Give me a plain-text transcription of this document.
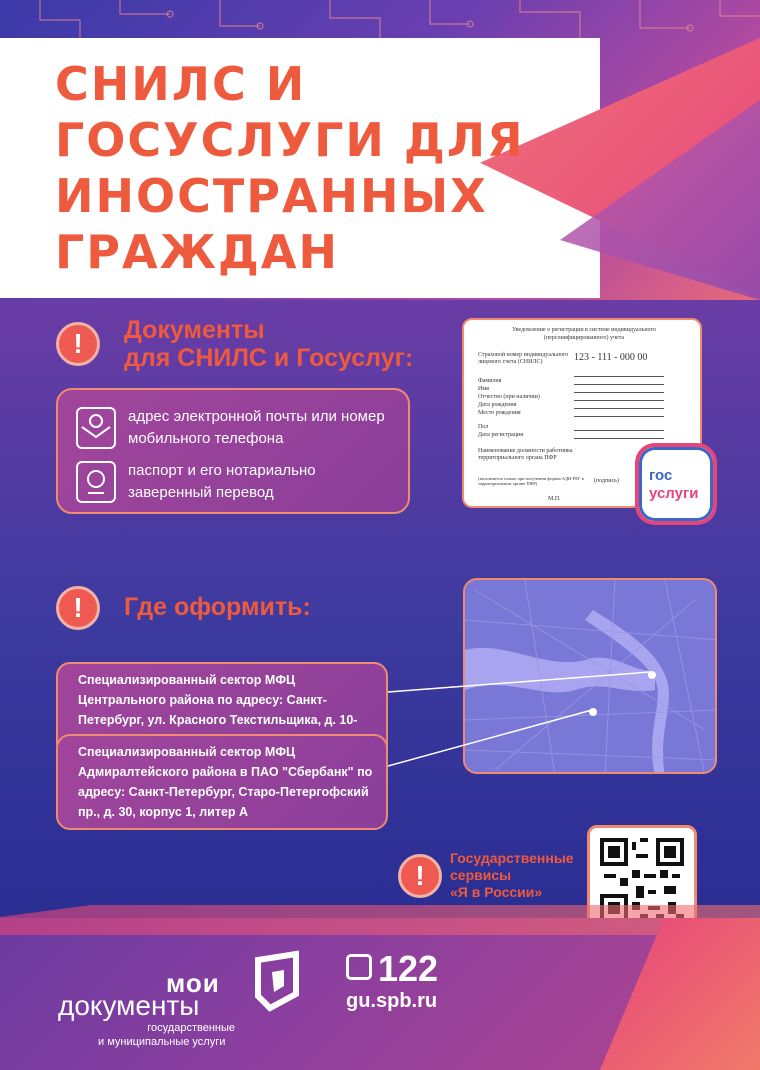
СНИЛС И ГОСУСЛУГИ ДЛЯ ИНОСТРАННЫХ ГРАЖДАН
!	Документы
для СНИЛС и Госуслуг:
адрес электронной почты или номер мобильного телефона
паспорт и его нотариально заверенный перевод
Уведомление о регистрации в системе индивидуального (персонифицированного) учета
Страховой номер индивидуального лицевого счета (СНИЛС)	123 - 111 - 000 00
Фамилия
Имя
Отчество (при наличии)
Дата рождения
Место рождения
Пол
Дата регистрации
Наименование должности работника территориального органа ПФР
(заполняется только при получении формы АДИ-РЕГ в территориальном органе ПФР)	(подпись)
М.П.
гос
услуги
!	Где оформить:
Специализированный сектор МФЦ Центрального района по адресу: Санкт-Петербург, ул. Красного Текстильщика, д. 10-
Специализированный сектор МФЦ Адмиралтейского района в ПАО "Сбербанк" по адресу: Санкт-Петербург, Старо-Петергофский пр., д. 30, корпус 1, литер А
!
Государственные
сервисы
«Я в России»
мои
документы
государственные
и муниципальные услуги
122
gu.spb.ru
